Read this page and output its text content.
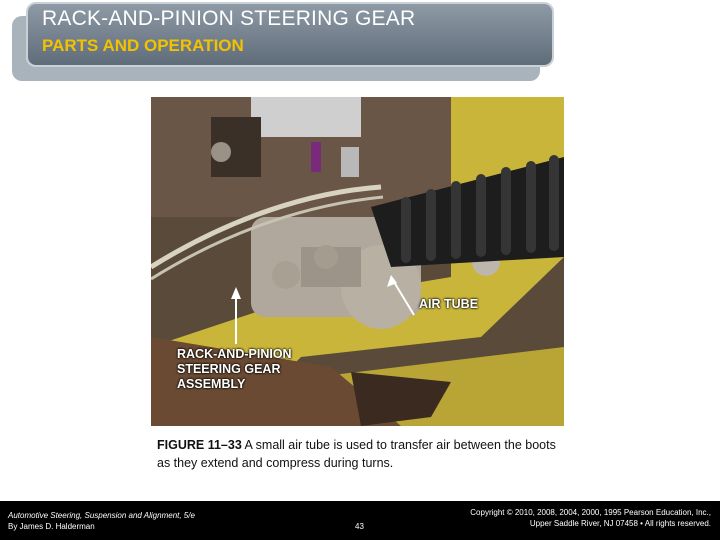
RACK-AND-PINION STEERING GEAR
PARTS AND OPERATION
AIR TUBE
RACK-AND-PINION STEERING GEAR ASSEMBLY
FIGURE 11–33 A small air tube is used to transfer air between the boots as they extend and compress during turns.
Automotive Steering, Suspension and Alignment, 5/e
By James D. Halderman	43
Copyright © 2010, 2008, 2004, 2000, 1995 Pearson Education, Inc.,
Upper Saddle River, NJ 07458 • All rights reserved.
